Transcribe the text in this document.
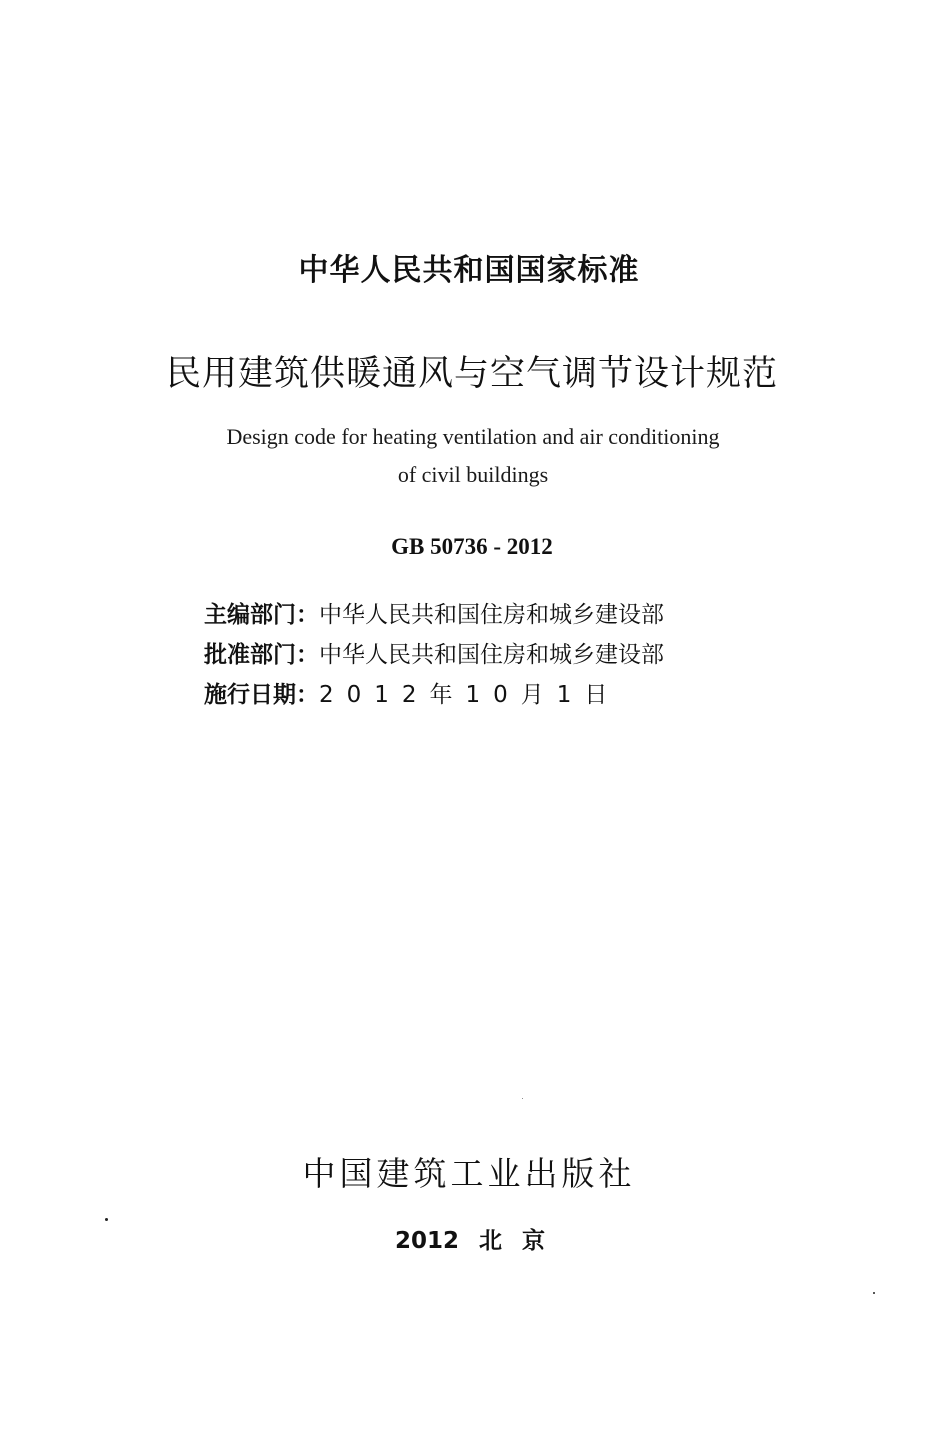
中华人民共和国国家标准
民用建筑供暖通风与空气调节设计规范
Design code for heating ventilation and air conditioning
of civil buildings
GB 50736 - 2012
主编部门：中华人民共和国住房和城乡建设部
批准部门：中华人民共和国住房和城乡建设部
施行日期：2012年10月1日
中国建筑工业出版社
2012 北 京
